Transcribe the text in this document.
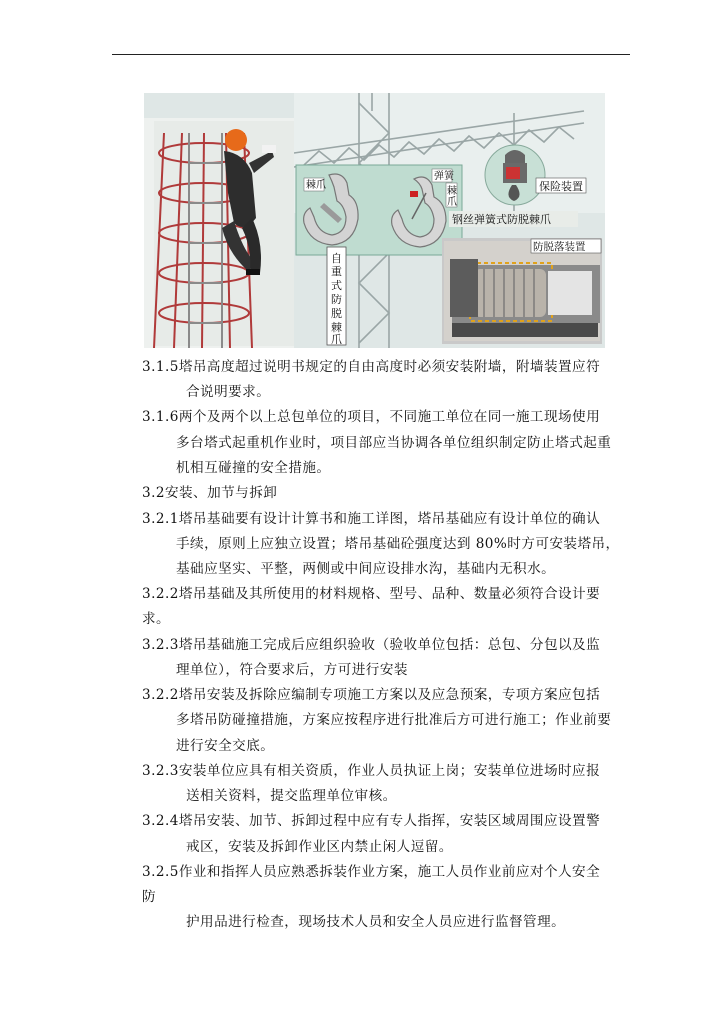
棘爪
弹簧
棘
爪
保险装置
钢丝弹簧式防脱棘爪
防脱落装置
自
重
式
防
脱
棘
爪
3.1.5塔吊高度超过说明书规定的自由高度时必须安装附墙，附墙装置应符
合说明要求。
3.1.6两个及两个以上总包单位的项目，不同施工单位在同一施工现场使用
多台塔式起重机作业时，项目部应当协调各单位组织制定防止塔式起重
机相互碰撞的安全措施。
3.2安装、加节与拆卸
3.2.1塔吊基础要有设计计算书和施工详图，塔吊基础应有设计单位的确认
手续，原则上应独立设置；塔吊基础砼强度达到 80%时方可安装塔吊，
基础应坚实、平整，两侧或中间应设排水沟，基础内无积水。
3.2.2塔吊基础及其所使用的材料规格、型号、品种、数量必须符合设计要
求。
3.2.3塔吊基础施工完成后应组织验收（验收单位包括：总包、分包以及监
理单位），符合要求后，方可进行安装
3.2.2塔吊安装及拆除应编制专项施工方案以及应急预案，专项方案应包括
多塔吊防碰撞措施，方案应按程序进行批准后方可进行施工；作业前要
进行安全交底。
3.2.3安装单位应具有相关资质，作业人员执证上岗；安装单位进场时应报
送相关资料，提交监理单位审核。
3.2.4塔吊安装、加节、拆卸过程中应有专人指挥，安装区域周围应设置警
戒区，安装及拆卸作业区内禁止闲人逗留。
3.2.5作业和指挥人员应熟悉拆装作业方案，施工人员作业前应对个人安全
防
护用品进行检查，现场技术人员和安全人员应进行监督管理。
